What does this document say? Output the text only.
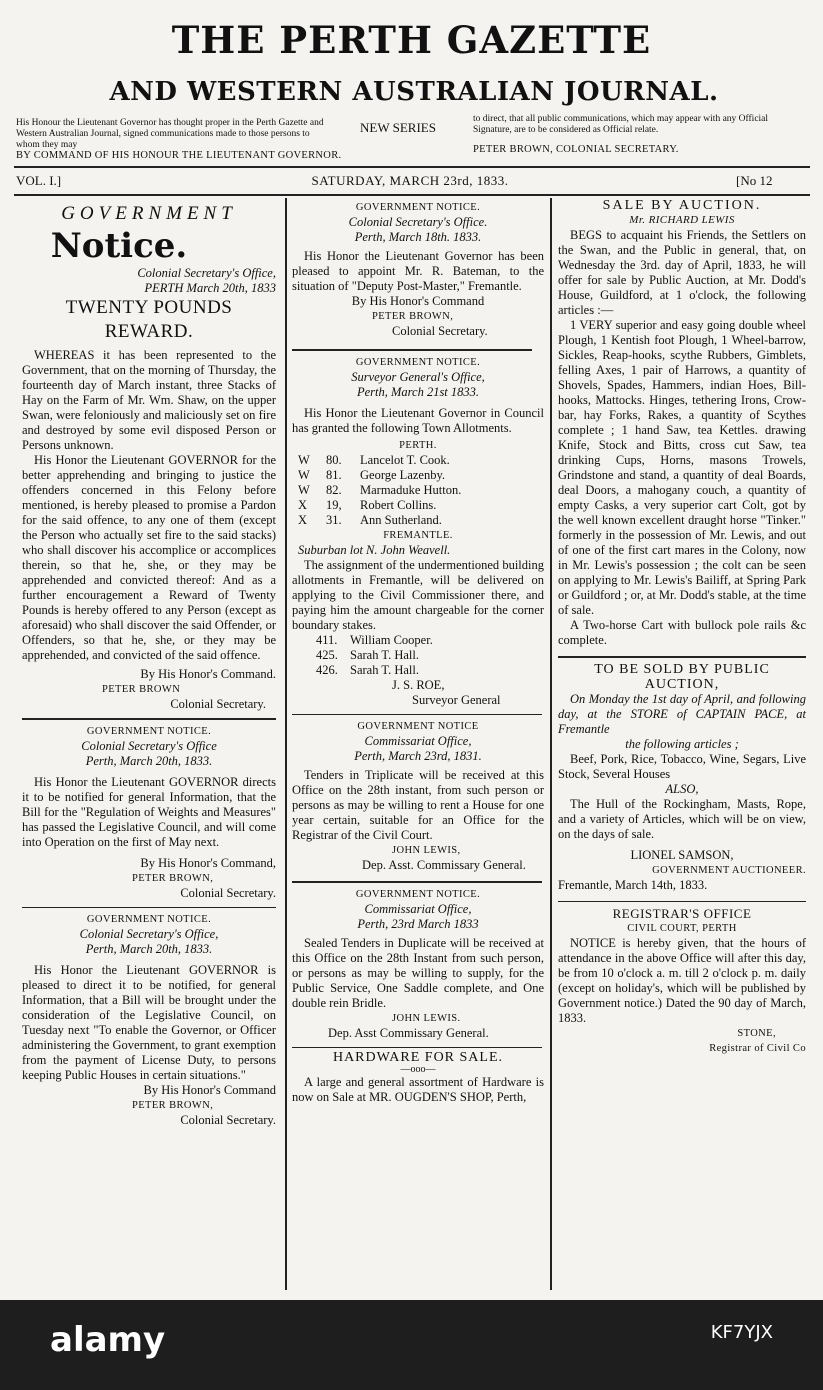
THE PERTH GAZETTE
AND WESTERN AUSTRALIAN JOURNAL.
His Honour the Lieutenant Governor has thought proper in the Perth Gazette and Western Australian Journal, signed communications made to those persons to whom they may
NEW SERIES
to direct, that all public communications, which may appear with any Official Signature, are to be considered as Official relate.
BY COMMAND OF HIS HONOUR THE LIEUTENANT GOVERNOR.
PETER BROWN, COLONIAL SECRETARY.
VOL. I.]	SATURDAY, MARCH 23rd, 1833.	[No 12
GOVERNMENT
Notice.
Colonial Secretary's Office,
PERTH March 20th, 1833
TWENTY POUNDS
REWARD.

WHEREAS it has been represented to the Government, that on the morning of Thursday, the fourteenth day of March instant, three Stacks of Hay on the Farm of Mr. Wm. Shaw, on the upper Swan, were feloniously and maliciously set on fire and destroyed by some evil disposed Person or Persons unknown.

His Honor the Lieutenant GOVERNOR for the better apprehending and bringing to justice the offenders concerned in this Felony before mentioned, is hereby pleased to promise a Pardon for the said offence, to any one of them (except the Person who actually set fire to the said stacks) who shall discover his accomplice or accomplices therein, so that he, she, or they may be apprehended and convicted thereof: And as a further encouragement a Reward of Twenty Pounds is hereby offered to any Person (except as aforesaid) who shall discover the said Offender, or Offenders, so that he, she, or they may be apprehended, and convicted of the said offence.

By His Honor's Command.
PETER BROWN
Colonial Secretary.
GOVERNMENT NOTICE.
Colonial Secretary's Office
Perth, March 20th, 1833.

His Honor the Lieutenant GOVERNOR directs it to be notified for general Information, that the Bill for the "Regulation of Weights and Measures" has passed the Legislative Council, and will come into Operation on the first of May next.

By His Honor's Command,
PETER BROWN,
Colonial Secretary.
GOVERNMENT NOTICE.
Colonial Secretary's Office,
Perth, March 20th, 1833.

His Honor the Lieutenant GOVERNOR is pleased to direct it to be notified, for general Information, that a Bill will be brought under the consideration of the Legislative Council, on Tuesday next "To enable the Governor, or Officer administering the Government, to grant exemption from the payment of License Duty, to persons keeping Public Houses in certain situations."

By His Honor's Command
PETER BROWN,
Colonial Secretary.
GOVERNMENT NOTICE.
Colonial Secretary's Office.
Perth, March 18th. 1833.

His Honor the Lieutenant Governor has been pleased to appoint Mr. R. Bateman, to the situation of "Deputy Post-Master," Fremantle.

By His Honor's Command
PETER BROWN,
Colonial Secretary.
GOVERNMENT NOTICE.
Surveyor General's Office,
Perth, March 21st 1833.

His Honor the Lieutenant Governor in Council has granted the following Town Allotments.

PERTH.
W	80.	Lancelot T. Cook.
W	81.	George Lazenby.
W	82.	Marmaduke Hutton.
X	19,	Robert Collins.
X	31.	Ann Sutherland.
FREMANTLE.
Suburban lot N. John Weavell.

The assignment of the undermentioned building allotments in Fremantle, will be delivered on applying to the Civil Commissioner there, and paying him the amount chargeable for the corner boundary stakes.

411.	William Cooper.
425. Sarah T. Hall.
426. Sarah T. Hall.
J. S. ROE,
Surveyor General
GOVERNMENT NOTICE
Commissariat Office,
Perth, March 23rd, 1831.

Tenders in Triplicate will be received at this Office on the 28th instant, from such person or persons as may be willing to rent a House for one year certain, suitable for an Office for the Registrar of the Civil Court.

JOHN LEWIS,
Dep. Asst. Commissary General.
GOVERNMENT NOTICE.
Commissariat Office,
Perth, 23rd March 1833

Sealed Tenders in Duplicate will be received at this Office on the 28th Instant from such person, or persons as may be willing to supply, for the Public Service, One Saddle complete, and One double rein Bridle.

JOHN LEWIS.
Dep. Asst Commissary General.
HARDWARE FOR SALE.
—ooo—

A large and general assortment of Hardware is now on Sale at MR. OUGDEN'S SHOP, Perth,

SALE BY AUCTION.
Mr. RICHARD LEWIS

BEGS to acquaint his Friends, the Settlers on the Swan, and the Public in general, that, on Wednesday the 3rd. day of April, 1833, he will offer for sale by Public Auction, at Mr. Dodd's House, Guildford, at 1 o'clock, the following articles :—

1 VERY superior and easy going double wheel Plough, 1 Kentish foot Plough, 1 Wheel-barrow, Sickles, Reap-hooks, scythe Rubbers, Gimblets, felling Axes, 1 pair of Harrows, a quantity of Shovels, Spades, Hammers, indian Hoes, Bill-hooks, Mattocks. Hinges, tethering Irons, Crow-bar, hay Forks, Rakes, a quantity of Scythes complete ; 1 hand Saw, tea Kettles. drawing Knife, Stock and Bitts, cross cut Saw, tea drinking Cups, Horns, masons Trowels, Grindstone and stand, a quantity of deal Boards, deal Doors, a mahogany couch, a quantity of empty Casks, a very superior cart Colt, got by the well known excellent draught horse "Tinker." formerly in the possession of Mr. Lewis, and out of one of the first cart mares in the Colony, now in Mr. Lewis's possession ; the colt can be seen on applying to Mr. Lewis's Bailiff, at Spring Park or Guildford ; or, at Mr. Dodd's stable, at the time of sale.

A Two-horse Cart with bullock pole rails &c complete.

TO BE SOLD BY PUBLIC
AUCTION,

On Monday the 1st day of April, and following day, at the STORE of CAPTAIN PACE, at Fremantle

the following articles ;

Beef, Pork, Rice, Tobacco, Wine, Segars, Live Stock, Several Houses

ALSO,

The Hull of the Rockingham, Masts, Rope, and a variety of Articles, which will be on view, on the days of sale.

LIONEL SAMSON,
GOVERNMENT AUCTIONEER.
Fremantle, March 14th, 1833.
REGISTRAR'S OFFICE
CIVIL COURT, PERTH

NOTICE is hereby given, that the hours of attendance in the above Office will after this day, be from 10 o'clock a. m. till 2 o'clock p. m. daily (except on holiday's, which will be published by Government notice.) Dated the 90 day of March, 1833.

STONE,
Registrar of Civil Co
alamy	KF7YJX
